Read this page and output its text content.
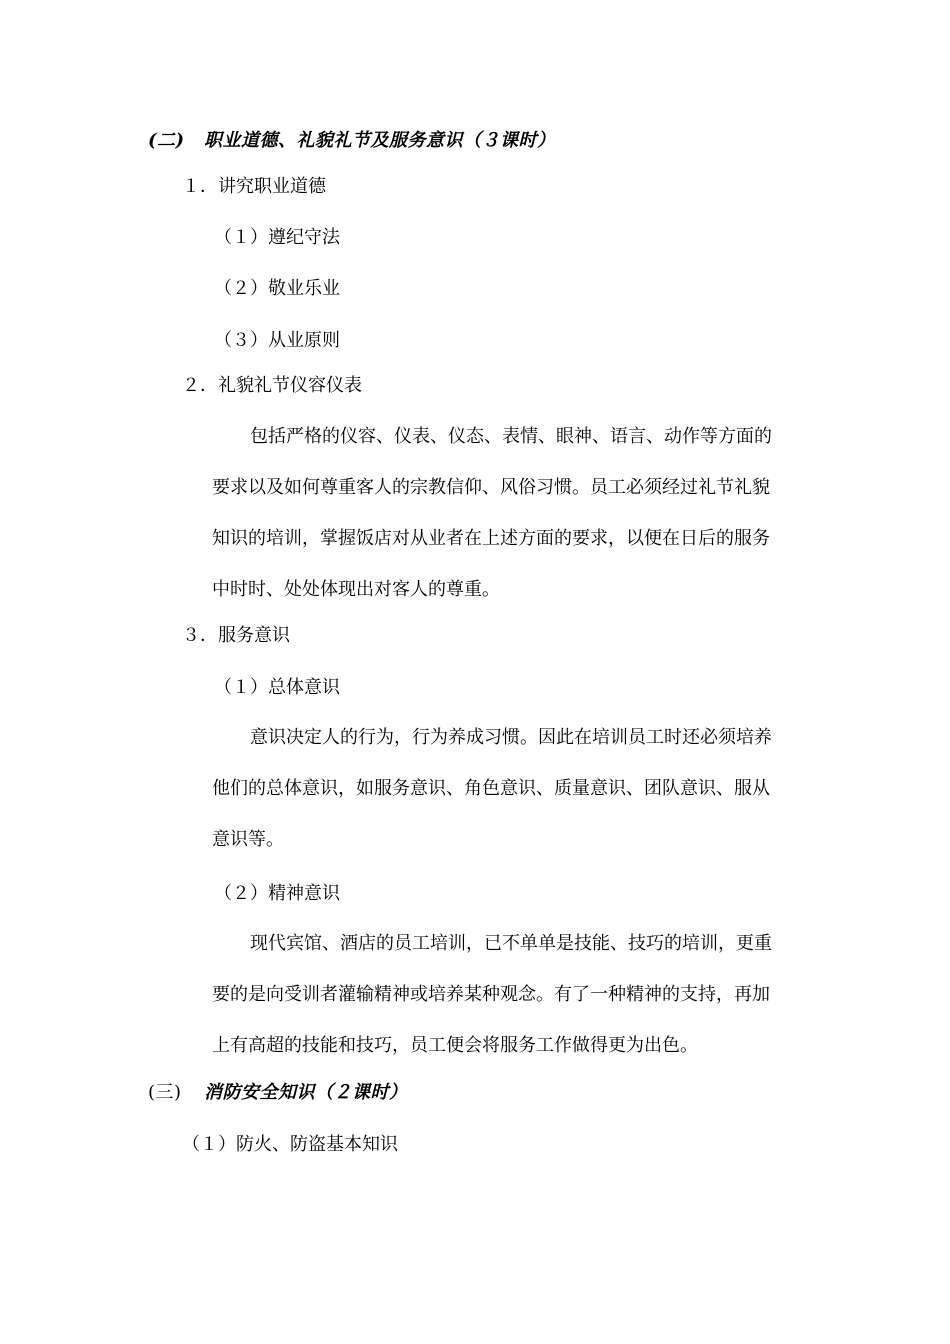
(二) 职业道德、礼貌礼节及服务意识（３课时）
１．讲究职业道德
（１）遵纪守法
（２）敬业乐业
（３）从业原则
２．礼貌礼节仪容仪表
包括严格的仪容、仪表、仪态、表情、眼神、语言、动作等方面的
要求以及如何尊重客人的宗教信仰、风俗习惯。员工必须经过礼节礼貌
知识的培训，掌握饭店对从业者在上述方面的要求，以便在日后的服务
中时时、处处体现出对客人的尊重。
３．服务意识
（１）总体意识
意识决定人的行为，行为养成习惯。因此在培训员工时还必须培养
他们的总体意识，如服务意识、角色意识、质量意识、团队意识、服从
意识等。
（２）精神意识
现代宾馆、酒店的员工培训，已不单单是技能、技巧的培训，更重
要的是向受训者灌输精神或培养某种观念。有了一种精神的支持，再加
上有高超的技能和技巧，员工便会将服务工作做得更为出色。
(三) 消防安全知识（２课时）
（１）防火、防盗基本知识
